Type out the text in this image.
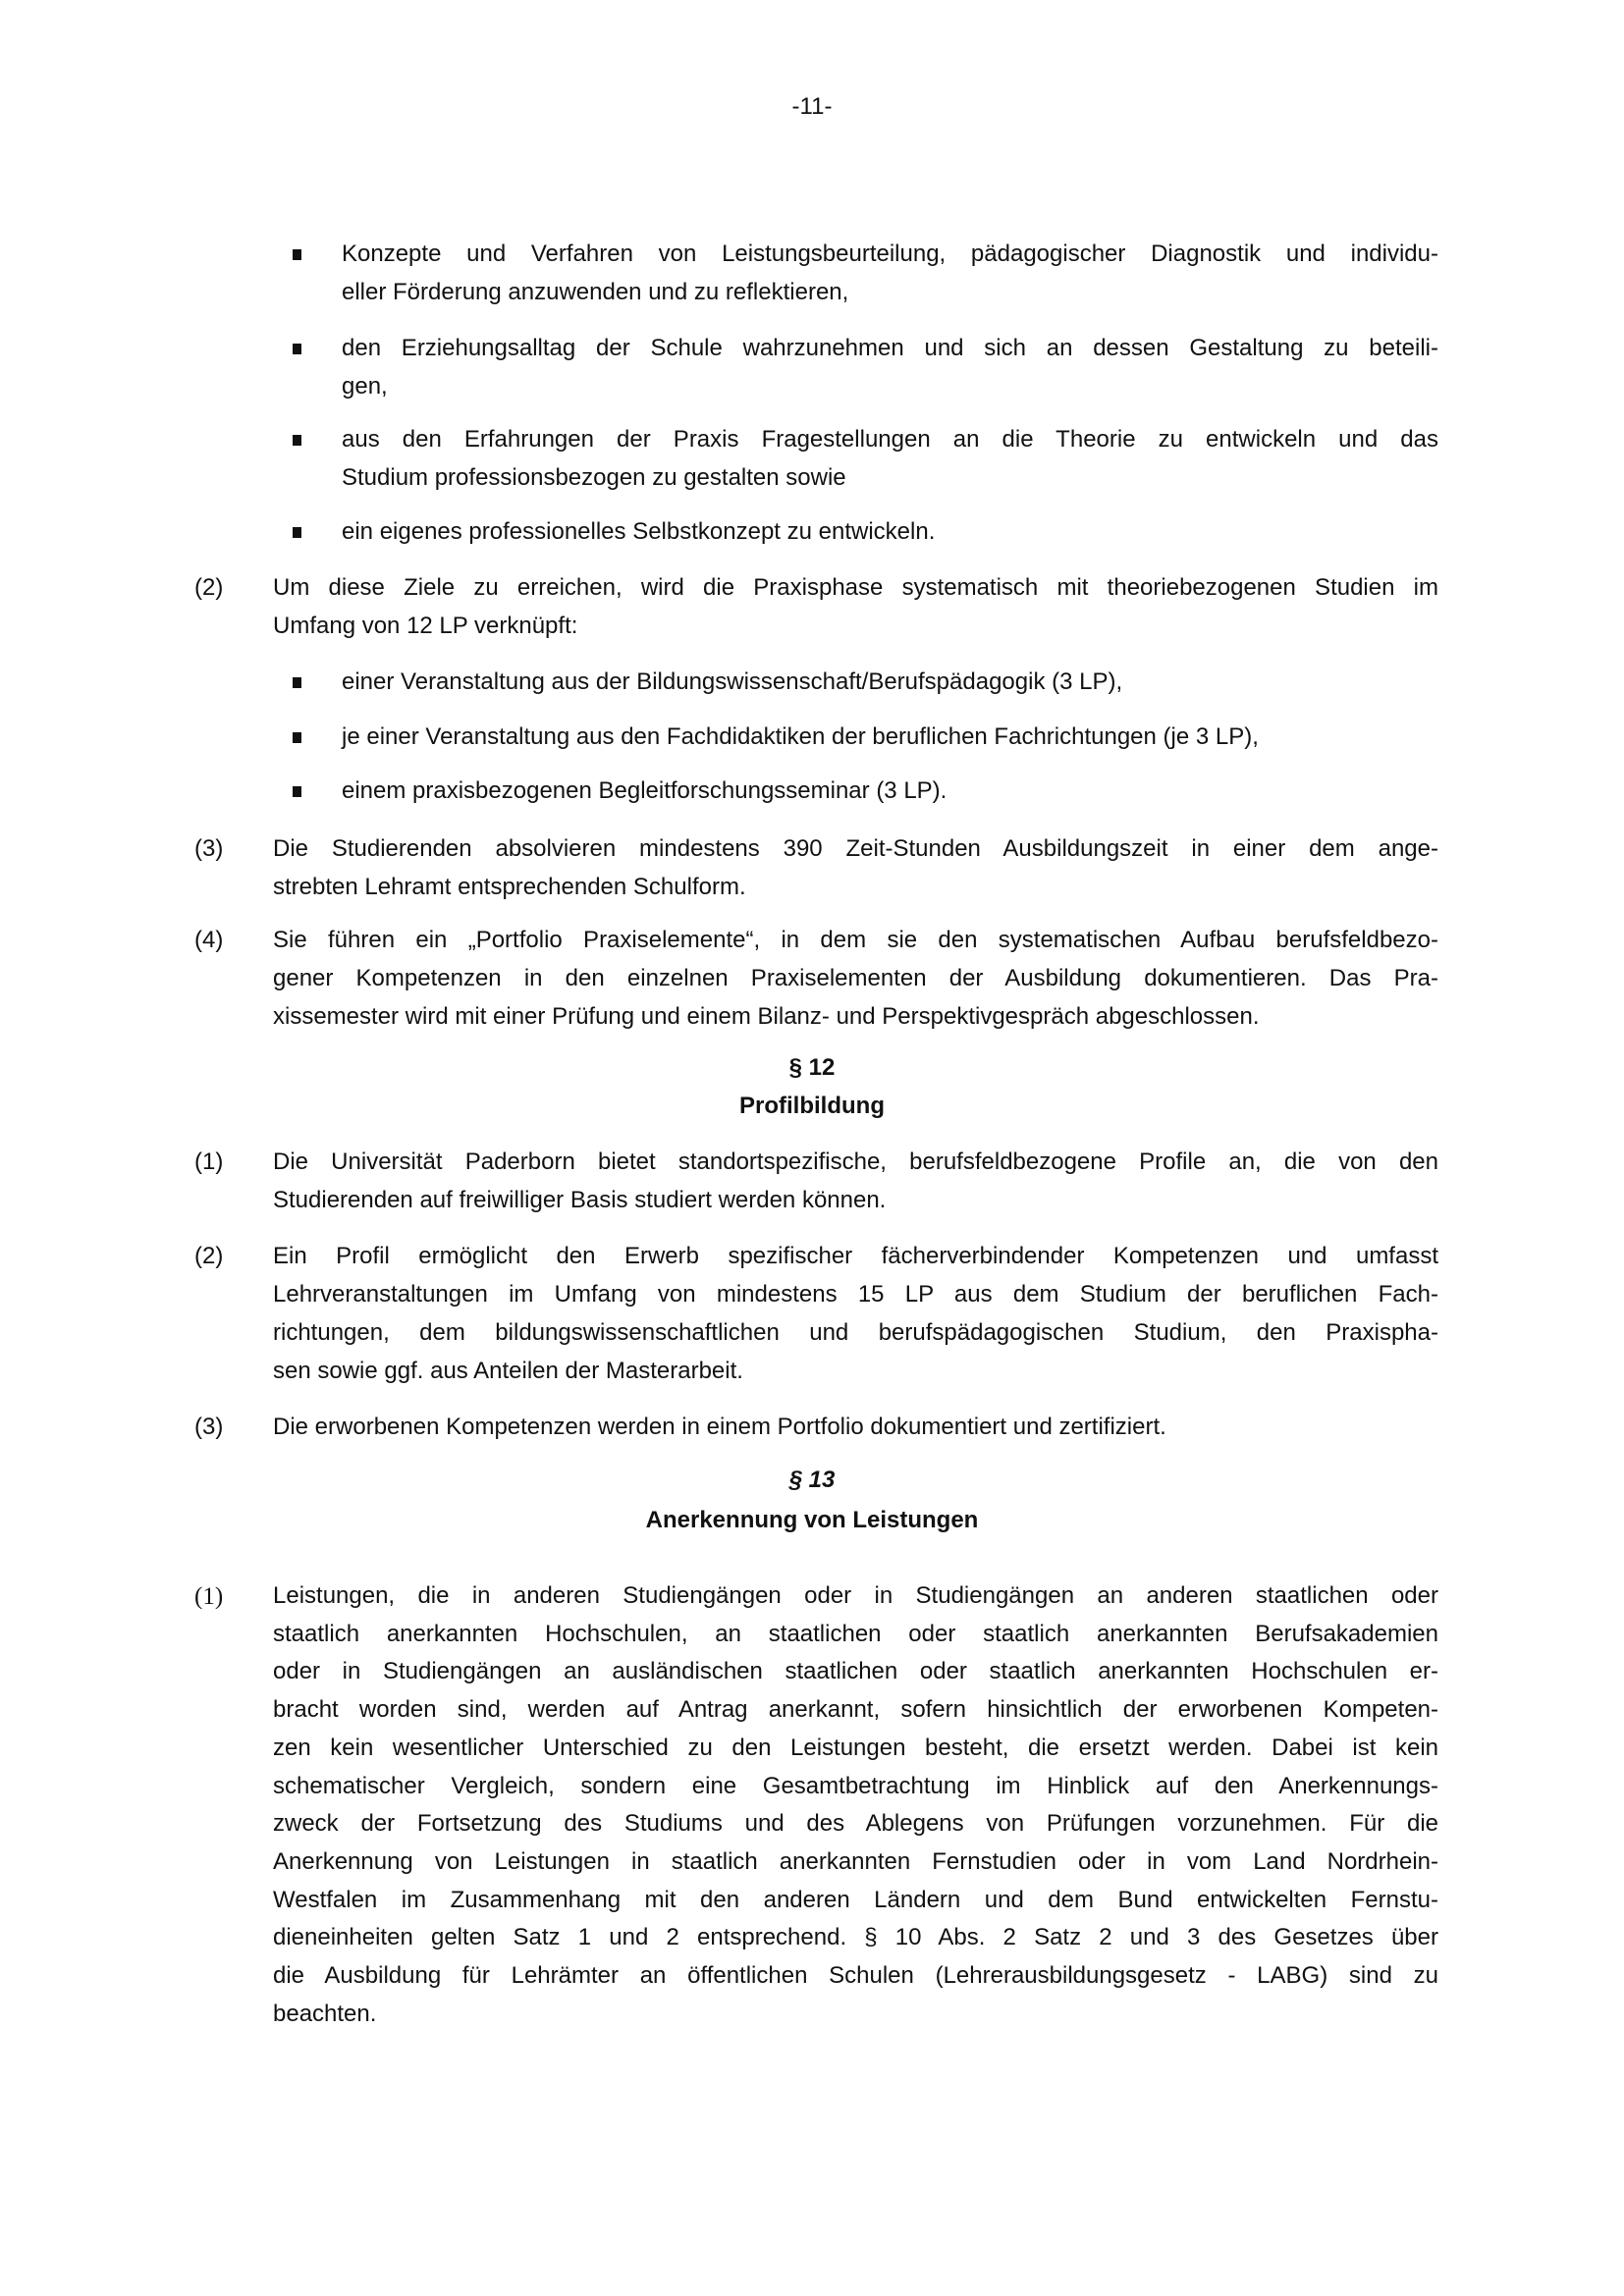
-11-
Konzepte und Verfahren von Leistungsbeurteilung, pädagogischer Diagnostik und individu-
eller Förderung anzuwenden und zu reflektieren,
den Erziehungsalltag der Schule wahrzunehmen und sich an dessen Gestaltung zu beteili-
gen,
aus den Erfahrungen der Praxis Fragestellungen an die Theorie zu entwickeln und das
Studium professionsbezogen zu gestalten sowie
ein eigenes professionelles Selbstkonzept zu entwickeln.
(2)	Um diese Ziele zu erreichen, wird die Praxisphase systematisch mit theoriebezogenen Studien im
Umfang von 12 LP verknüpft:
einer Veranstaltung aus der Bildungswissenschaft/Berufspädagogik (3 LP),
je einer Veranstaltung aus den Fachdidaktiken der beruflichen Fachrichtungen (je 3 LP),
einem praxisbezogenen Begleitforschungsseminar (3 LP).
(3)	Die Studierenden absolvieren mindestens 390 Zeit-Stunden Ausbildungszeit in einer dem ange-
strebten Lehramt entsprechenden Schulform.
(4)	Sie führen ein „Portfolio Praxiselemente“, in dem sie den systematischen Aufbau berufsfeldbezo-
gener Kompetenzen in den einzelnen Praxiselementen der Ausbildung dokumentieren. Das Pra-
xissemester wird mit einer Prüfung und einem Bilanz- und Perspektivgespräch abgeschlossen.
§ 12
Profilbildung
(1)	Die Universität Paderborn bietet standortspezifische, berufsfeldbezogene Profile an, die von den
Studierenden auf freiwilliger Basis studiert werden können.
(2)	Ein Profil ermöglicht den Erwerb spezifischer fächerverbindender Kompetenzen und umfasst
Lehrveranstaltungen im Umfang von mindestens 15 LP aus dem Studium der beruflichen Fach-
richtungen, dem bildungswissenschaftlichen und berufspädagogischen Studium, den Praxispha-
sen sowie ggf. aus Anteilen der Masterarbeit.
(3)	Die erworbenen Kompetenzen werden in einem Portfolio dokumentiert und zertifiziert.
§ 13
Anerkennung von Leistungen
(1)	Leistungen, die in anderen Studiengängen oder in Studiengängen an anderen staatlichen oder
staatlich anerkannten Hochschulen, an staatlichen oder staatlich anerkannten Berufsakademien
oder in Studiengängen an ausländischen staatlichen oder staatlich anerkannten Hochschulen er-
bracht worden sind, werden auf Antrag anerkannt, sofern hinsichtlich der erworbenen Kompeten-
zen kein wesentlicher Unterschied zu den Leistungen besteht, die ersetzt werden. Dabei ist kein
schematischer Vergleich, sondern eine Gesamtbetrachtung im Hinblick auf den Anerkennungs-
zweck der Fortsetzung des Studiums und des Ablegens von Prüfungen vorzunehmen. Für die
Anerkennung von Leistungen in staatlich anerkannten Fernstudien oder in vom Land Nordrhein-
Westfalen im Zusammenhang mit den anderen Ländern und dem Bund entwickelten Fernstu-
dieneinheiten gelten Satz 1 und 2 entsprechend. § 10 Abs. 2 Satz 2 und 3 des Gesetzes über
die Ausbildung für Lehrämter an öffentlichen Schulen (Lehrerausbildungsgesetz - LABG) sind zu
beachten.
